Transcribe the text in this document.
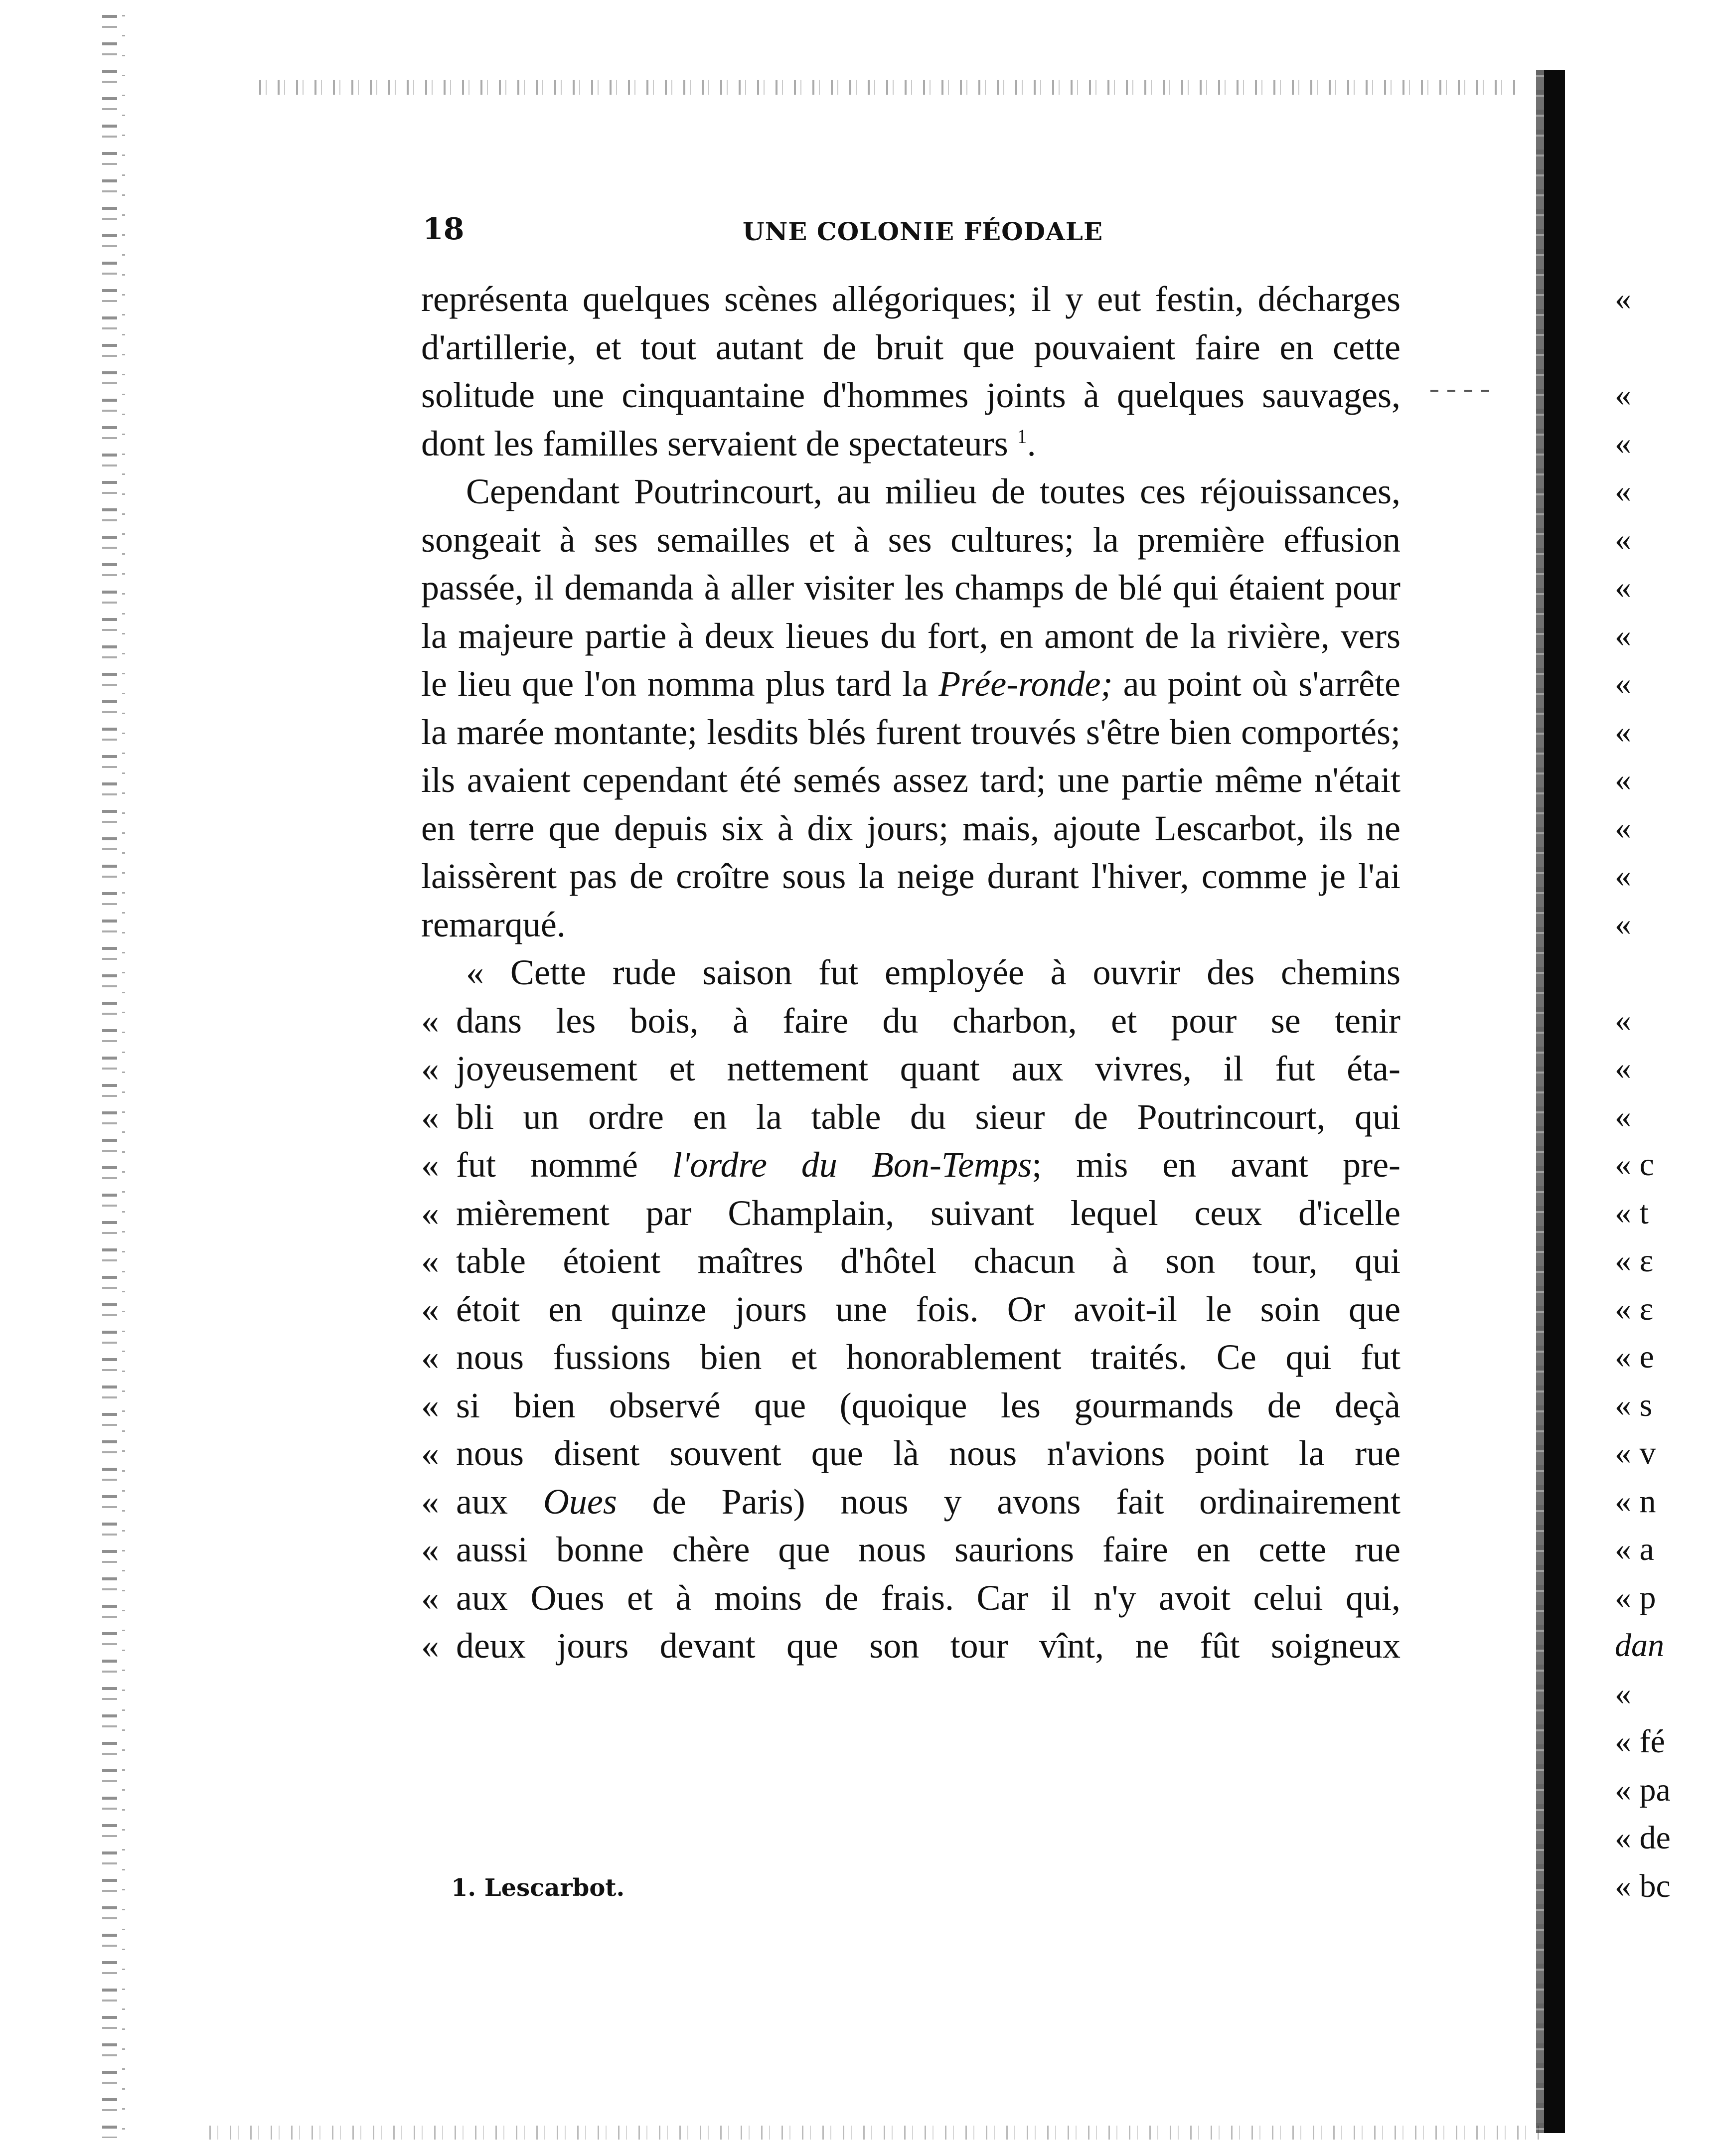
18	UNE COLONIE FÉODALE

représenta quelques scènes allégoriques; il y eut festin, décharges d'artillerie, et tout autant de bruit que pouvaient faire en cette solitude une cinquantaine d'hommes joints à quelques sauvages, dont les familles servaient de spectateurs $^1$.

Cependant Poutrincourt, au milieu de toutes ces réjouissances, songeait à ses semailles et à ses cultures; la première effusion passée, il demanda à aller visiter les champs de blé qui étaient pour la majeure partie à deux lieues du fort, en amont de la rivière, vers le lieu que l'on nomma plus tard la Prée-ronde; au point où s'arrête la marée montante; lesdits blés furent trouvés s'être bien comportés; ils avaient cependant été semés assez tard; une partie même n'était en terre que depuis six à dix jours; mais, ajoute Lescarbot, ils ne laissèrent pas de croître sous la neige durant l'hiver, comme je l'ai remarqué.

« Cette rude saison fut employée à ouvrir des chemins
« dans les bois, à faire du charbon, et pour se tenir
« joyeusement et nettement quant aux vivres, il fut éta-
« bli un ordre en la table du sieur de Poutrincourt, qui
« fut nommé l'ordre du Bon-Temps; mis en avant pre-
« mièrement par Champlain, suivant lequel ceux d'icelle
« table étoient maîtres d'hôtel chacun à son tour, qui
« étoit en quinze jours une fois. Or avoit-il le soin que
« nous fussions bien et honorablement traités. Ce qui fut
« si bien observé que (quoique les gourmands de deçà
« nous disent souvent que là nous n'avions point la rue
« aux Oues de Paris) nous y avons fait ordinairement
« aussi bonne chère que nous saurions faire en cette rue
« aux Oues et à moins de frais. Car il n'y avoit celui qui,
« deux jours devant que son tour vînt, ne fût soigneux
1. Lescarbot.
«
«
«
«
«
«
«
«
«
«
«
«
«
«
«
«
« c
« t
« ε
« ε
« e
« s
« v
« n
« a
« p
dan
«
« fé
« pa
« de
« bc
